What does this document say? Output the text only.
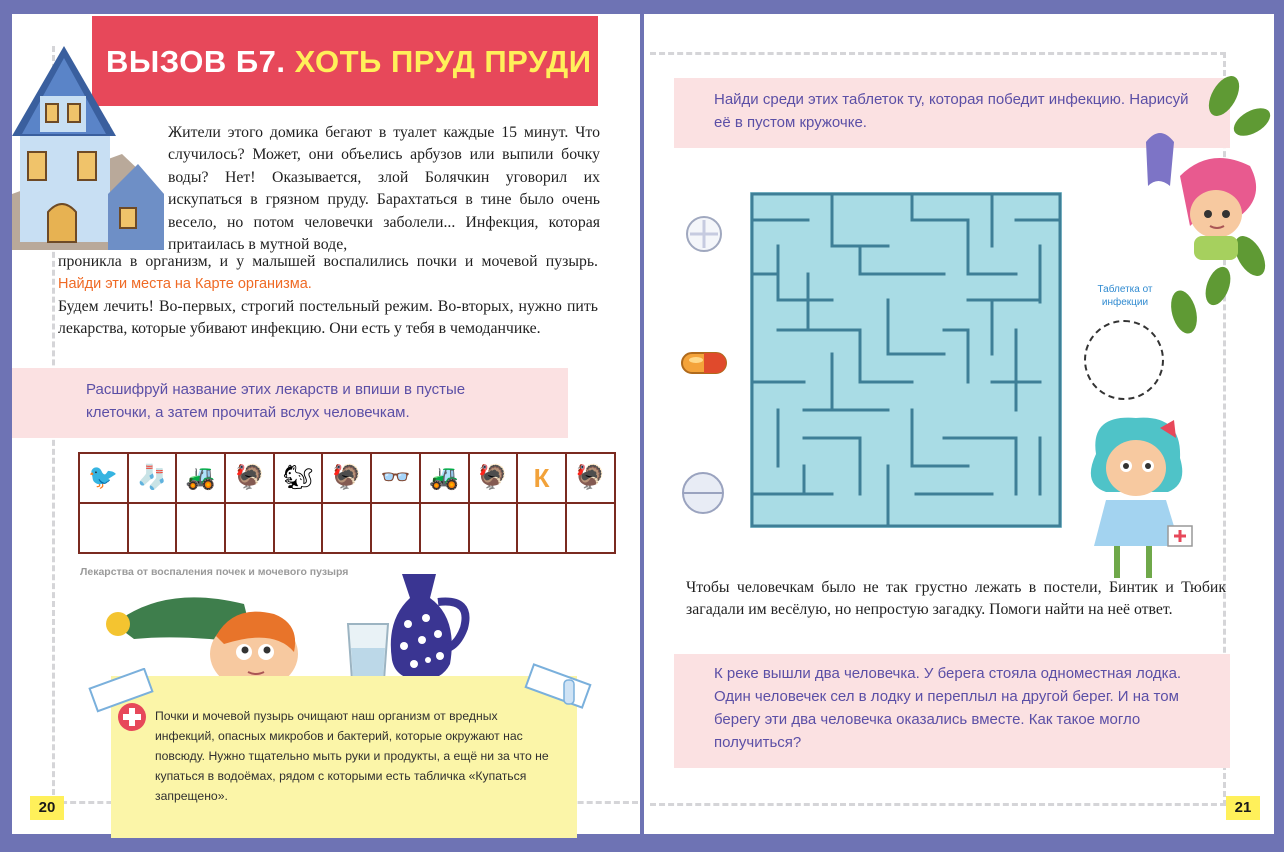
ВЫЗОВ Б7. ХОТЬ ПРУД ПРУДИ
Жители этого домика бегают в туалет каждые 15 минут. Что случилось? Может, они объелись арбузов или выпили бочку воды? Нет! Оказывается, злой Болячкин уговорил их искупаться в грязном пруду. Барахтаться в тине было очень весело, но потом человечки заболели... Инфекция, которая притаилась в мутной воде,
проникла в организм, и у малышей воспалились почки и мочевой пузырь. Найди эти места на Карте организма.
Будем лечить! Во-первых, строгий постельный режим. Во-вторых, нужно пить лекарства, которые убивают инфекцию. Они есть у тебя в чемоданчике.
Расшифруй название этих лекарств и впиши в пустые клеточки, а затем прочитай вслух человечкам.
🐦	🧦	🚜	🦃	🐿	🦃	👓	🚜	🦃	К	🦃

Лекарства от воспаления почек и мочевого пузыря
Почки и мочевой пузырь очищают наш организм от вредных инфекций, опасных микробов и бактерий, которые окружают нас повсюду. Нужно тщательно мыть руки и продукты, а ещё ни за что не купаться в водоёмах, рядом с которыми есть табличка «Купаться запрещено».
20
Найди среди этих таблеток ту, которая победит инфекцию. Нарисуй её в пустом кружочке.
Таблетка от инфекции
Чтобы человечкам было не так грустно лежать в постели, Бинтик и Тюбик загадали им весёлую, но непростую загадку. Помоги найти на неё ответ.
К реке вышли два человечка. У берега стояла одноместная лодка. Один человечек сел в лодку и переплыл на другой берег. И на том берегу эти два человечка оказались вместе. Как такое могло получиться?
21
